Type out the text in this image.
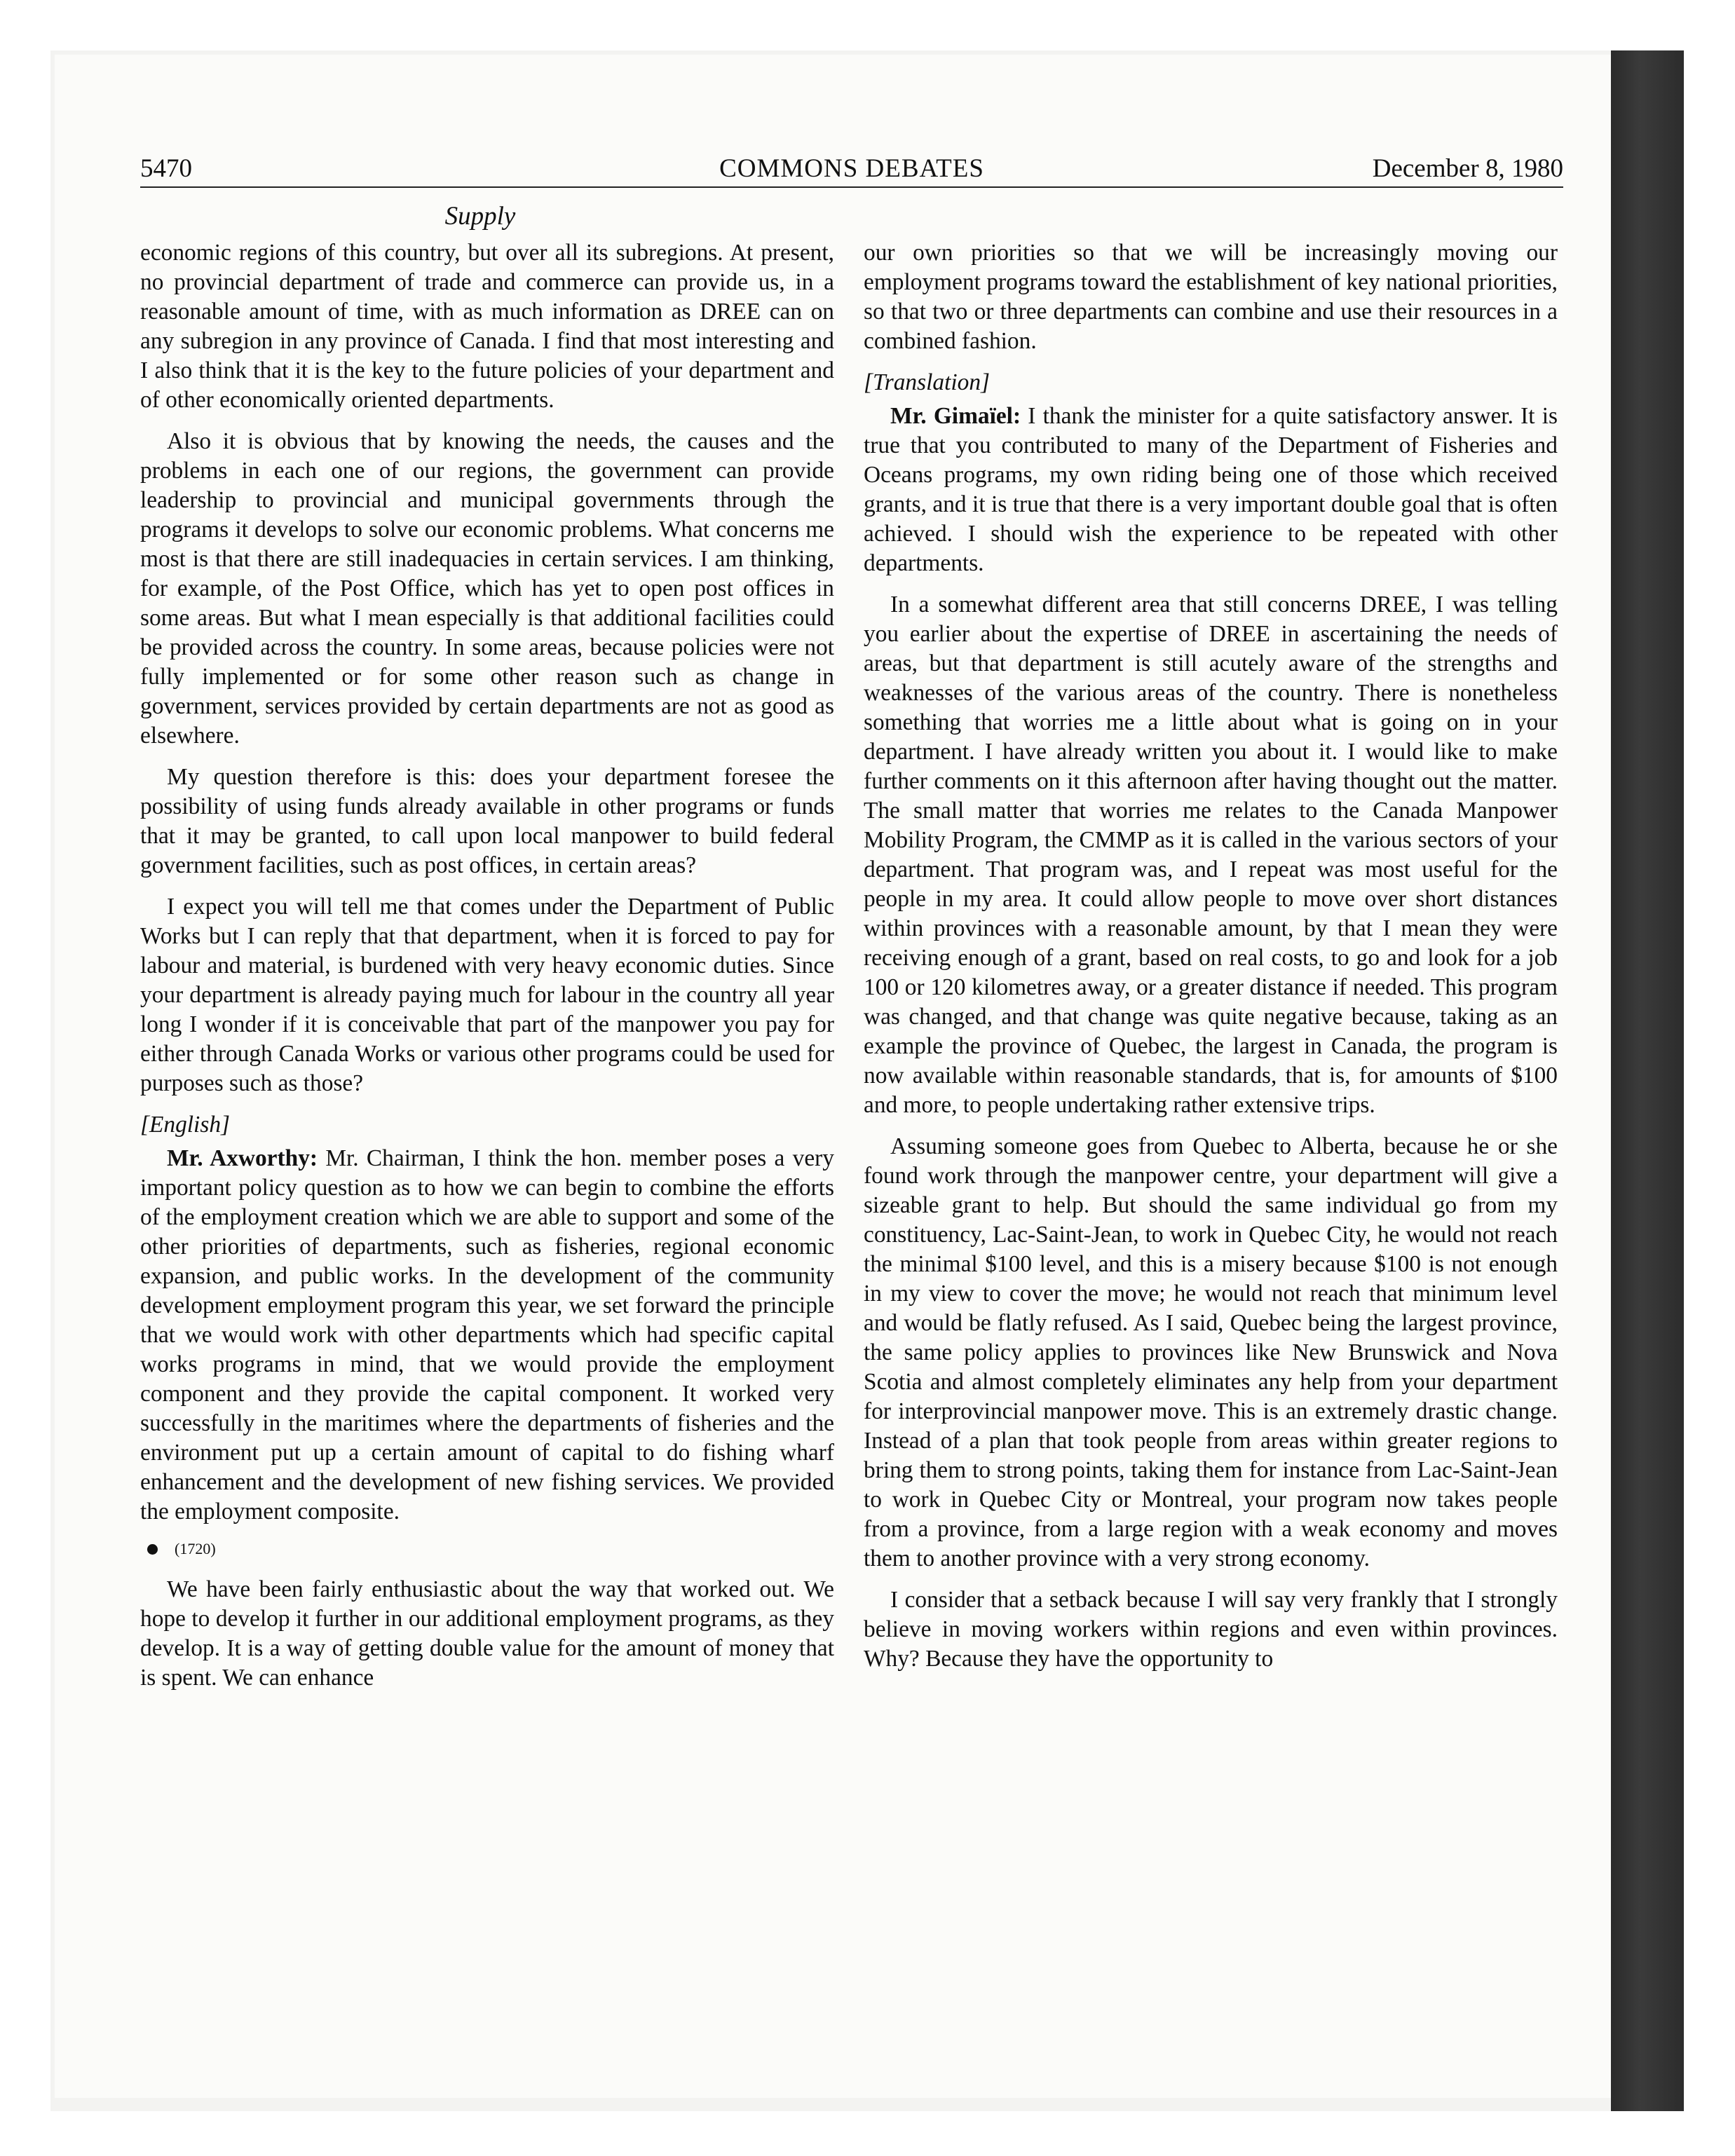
5470	COMMONS DEBATES	December 8, 1980
Supply

economic regions of this country, but over all its subregions. At present, no provincial department of trade and commerce can provide us, in a reasonable amount of time, with as much information as DREE can on any subregion in any province of Canada. I find that most interesting and I also think that it is the key to the future policies of your department and of other economically oriented departments.

Also it is obvious that by knowing the needs, the causes and the problems in each one of our regions, the government can provide leadership to provincial and municipal governments through the programs it develops to solve our economic problems. What concerns me most is that there are still inadequacies in certain services. I am thinking, for example, of the Post Office, which has yet to open post offices in some areas. But what I mean especially is that additional facilities could be provided across the country. In some areas, because policies were not fully implemented or for some other reason such as change in government, services provided by certain departments are not as good as elsewhere.

My question therefore is this: does your department foresee the possibility of using funds already available in other programs or funds that it may be granted, to call upon local manpower to build federal government facilities, such as post offices, in certain areas?

I expect you will tell me that comes under the Department of Public Works but I can reply that that department, when it is forced to pay for labour and material, is burdened with very heavy economic duties. Since your department is already paying much for labour in the country all year long I wonder if it is conceivable that part of the manpower you pay for either through Canada Works or various other programs could be used for purposes such as those?

[English]

Mr. Axworthy: Mr. Chairman, I think the hon. member poses a very important policy question as to how we can begin to combine the efforts of the employment creation which we are able to support and some of the other priorities of departments, such as fisheries, regional economic expansion, and public works. In the development of the community development employment program this year, we set forward the principle that we would work with other departments which had specific capital works programs in mind, that we would provide the employment component and they provide the capital component. It worked very successfully in the maritimes where the departments of fisheries and the environment put up a certain amount of capital to do fishing wharf enhancement and the development of new fishing services. We provided the employment composite.

(1720)

We have been fairly enthusiastic about the way that worked out. We hope to develop it further in our additional employment programs, as they develop. It is a way of getting double value for the amount of money that is spent. We can enhance

our own priorities so that we will be increasingly moving our employment programs toward the establishment of key national priorities, so that two or three departments can combine and use their resources in a combined fashion.

[Translation]

Mr. Gimaïel: I thank the minister for a quite satisfactory answer. It is true that you contributed to many of the Department of Fisheries and Oceans programs, my own riding being one of those which received grants, and it is true that there is a very important double goal that is often achieved. I should wish the experience to be repeated with other departments.

In a somewhat different area that still concerns DREE, I was telling you earlier about the expertise of DREE in ascertaining the needs of areas, but that department is still acutely aware of the strengths and weaknesses of the various areas of the country. There is nonetheless something that worries me a little about what is going on in your department. I have already written you about it. I would like to make further comments on it this afternoon after having thought out the matter. The small matter that worries me relates to the Canada Manpower Mobility Program, the CMMP as it is called in the various sectors of your department. That program was, and I repeat was most useful for the people in my area. It could allow people to move over short distances within provinces with a reasonable amount, by that I mean they were receiving enough of a grant, based on real costs, to go and look for a job 100 or 120 kilometres away, or a greater distance if needed. This program was changed, and that change was quite negative because, taking as an example the province of Quebec, the largest in Canada, the program is now available within reasonable standards, that is, for amounts of $100 and more, to people undertaking rather extensive trips.

Assuming someone goes from Quebec to Alberta, because he or she found work through the manpower centre, your department will give a sizeable grant to help. But should the same individual go from my constituency, Lac-Saint-Jean, to work in Quebec City, he would not reach the minimal $100 level, and this is a misery because $100 is not enough in my view to cover the move; he would not reach that minimum level and would be flatly refused. As I said, Quebec being the largest province, the same policy applies to provinces like New Brunswick and Nova Scotia and almost completely eliminates any help from your department for interprovincial manpower move. This is an extremely drastic change. Instead of a plan that took people from areas within greater regions to bring them to strong points, taking them for instance from Lac-Saint-Jean to work in Quebec City or Montreal, your program now takes people from a province, from a large region with a weak economy and moves them to another province with a very strong economy.

I consider that a setback because I will say very frankly that I strongly believe in moving workers within regions and even within provinces. Why? Because they have the opportunity to
